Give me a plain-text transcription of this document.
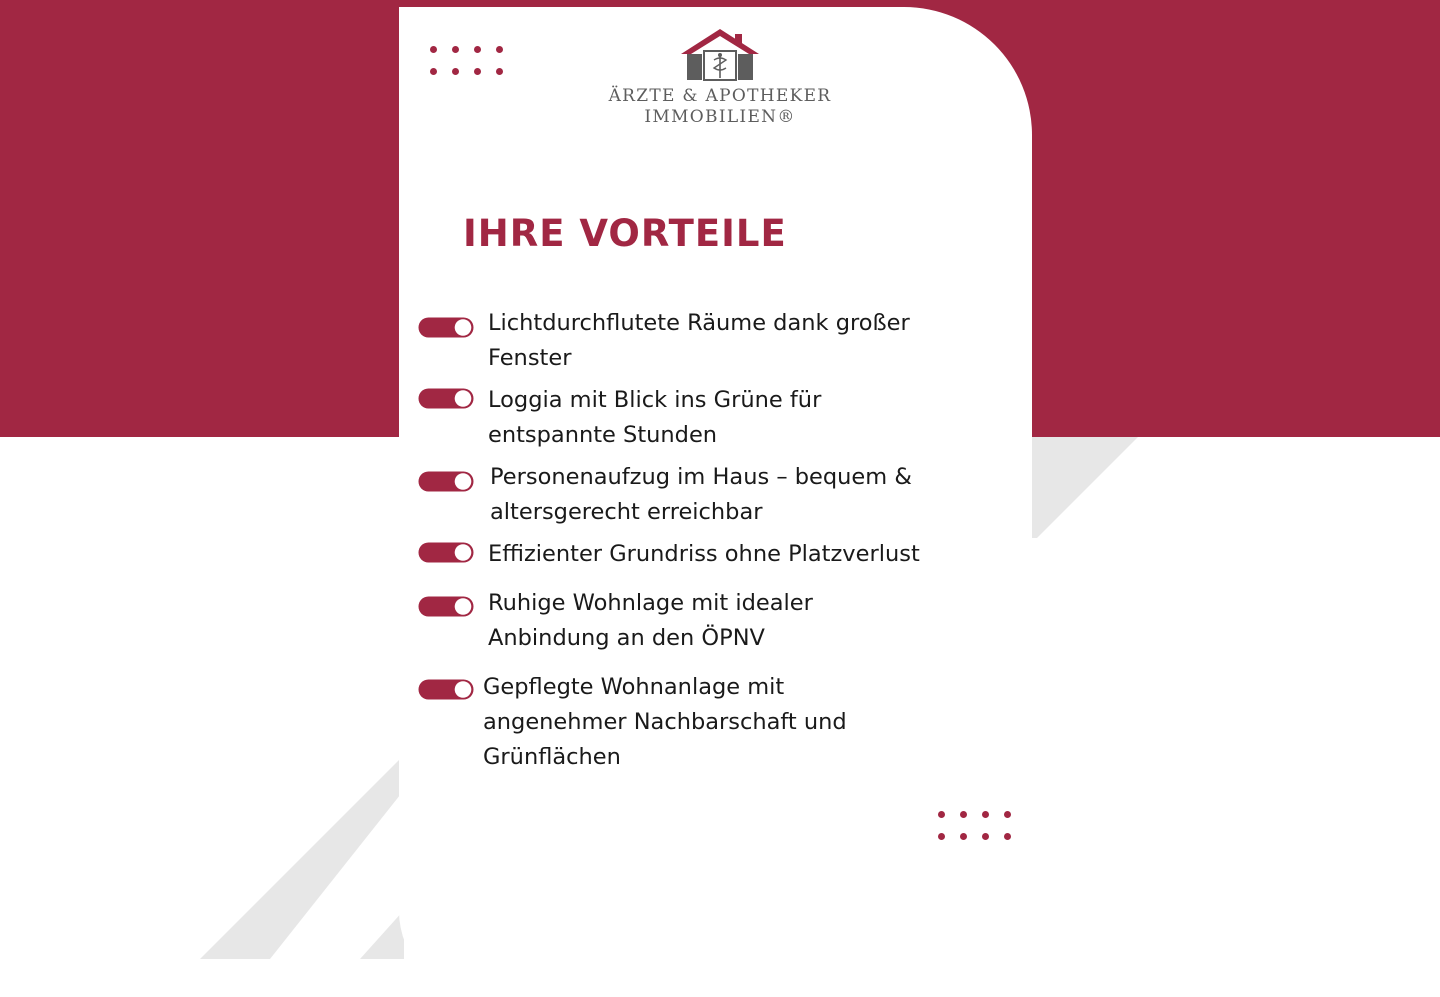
ÄRZTE & APOTHEKER
IMMOBILIEN®
IHRE VORTEILE

Lichtdurchflutete Räume dank großer Fenster

Loggia mit Blick ins Grüne für entspannte Stunden

Personenaufzug im Haus – bequem & altersgerecht erreichbar

Effizienter Grundriss ohne Platzverlust

Ruhige Wohnlage mit idealer Anbindung an den ÖPNV

Gepflegte Wohnanlage mit angenehmer Nachbarschaft und Grünflächen
